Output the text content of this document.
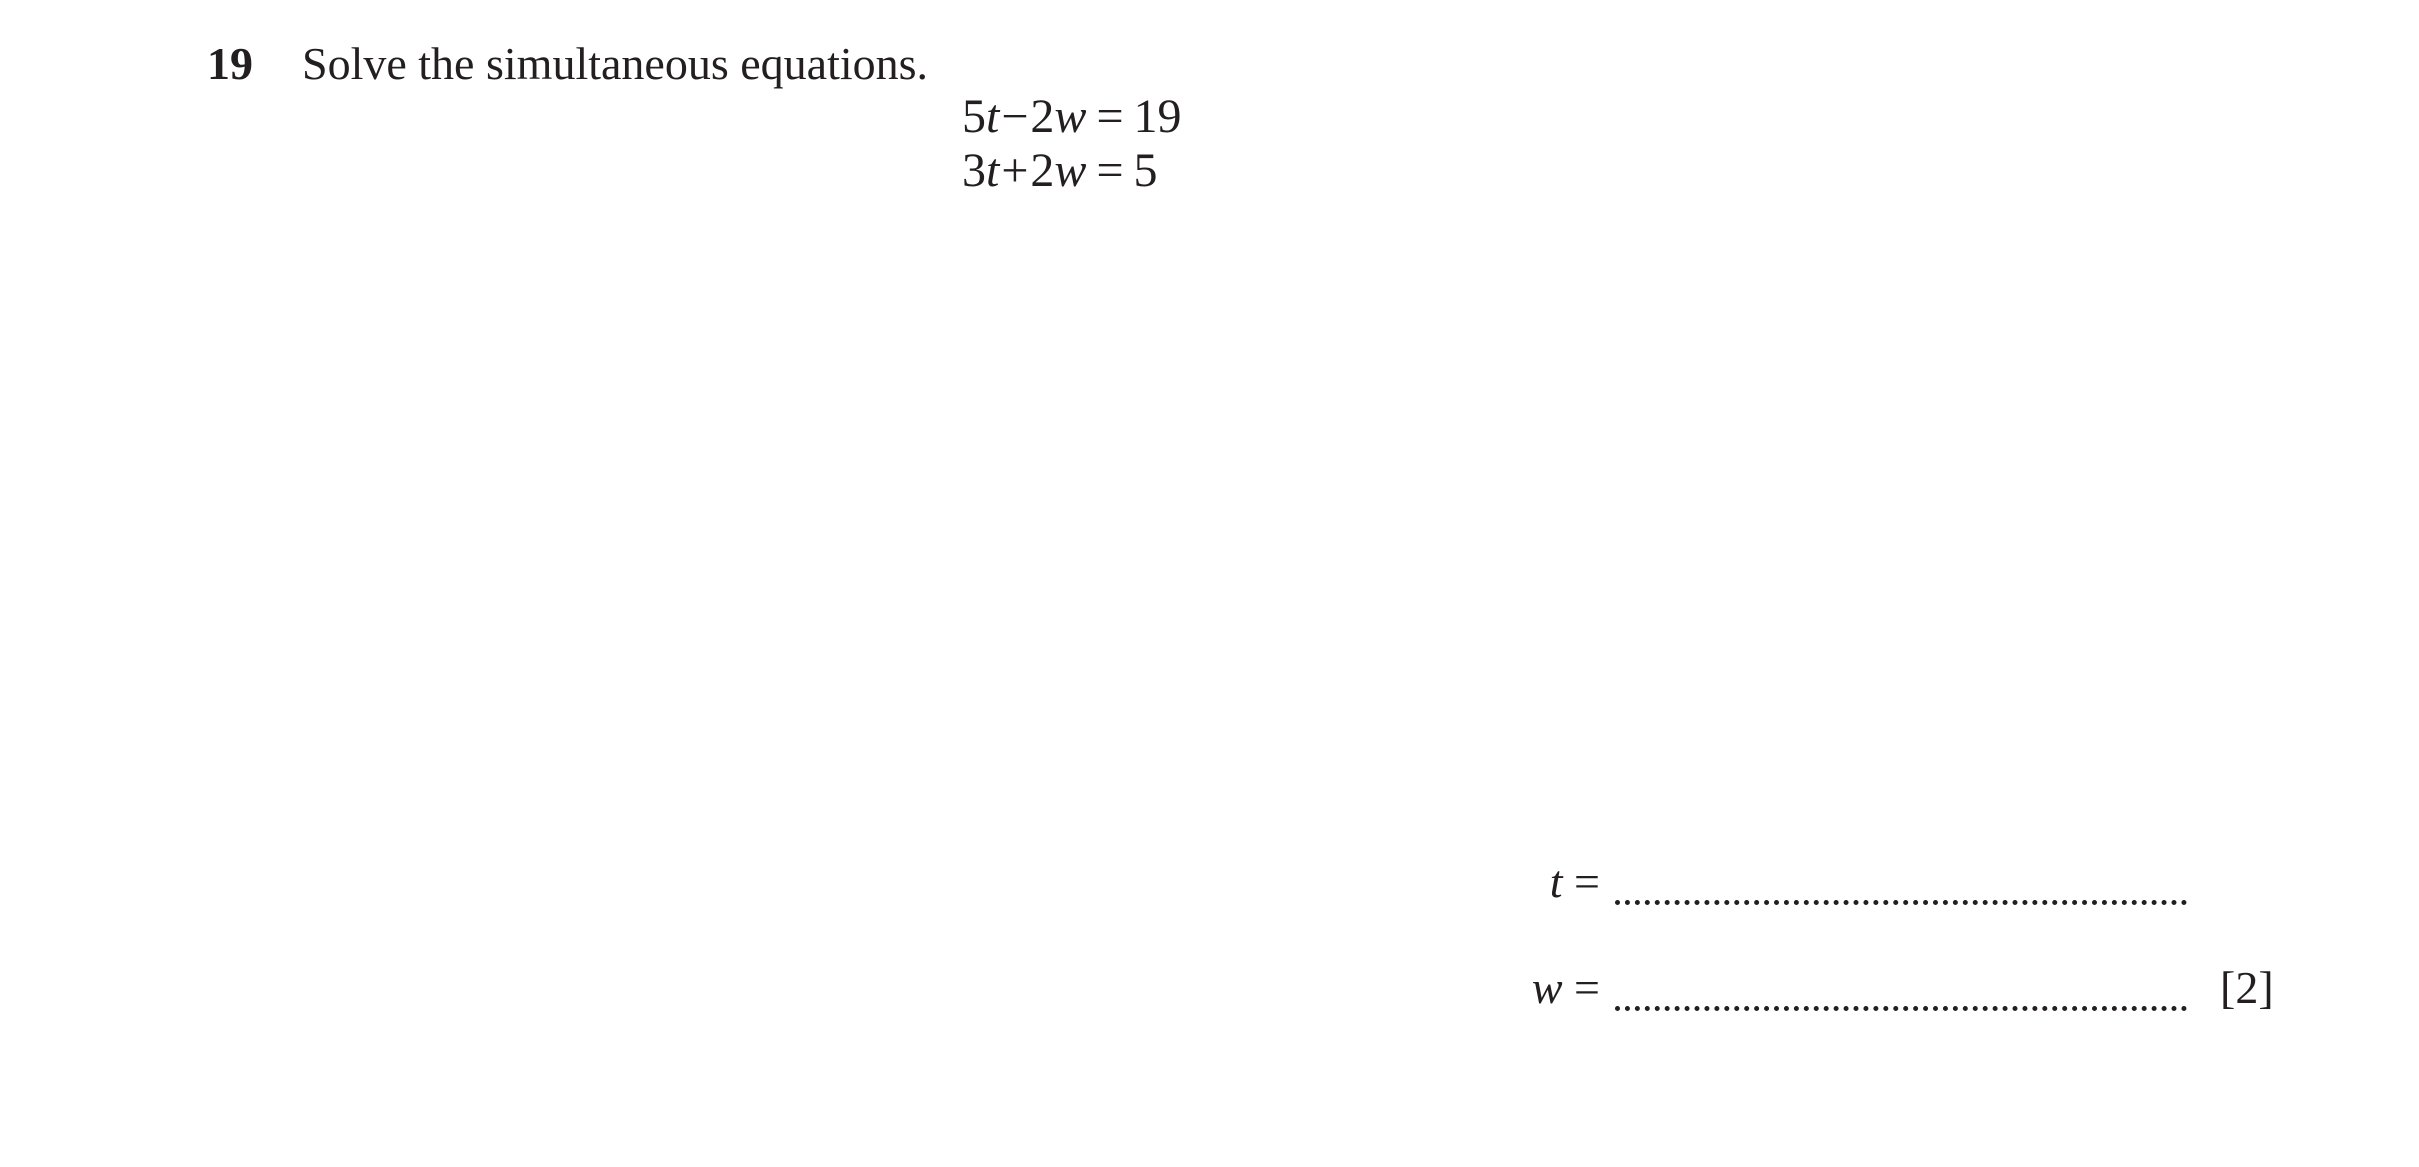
19 Solve the simultaneous equations.
5t−2w = 19
3t+2w = 5
t =
w =	[2]
